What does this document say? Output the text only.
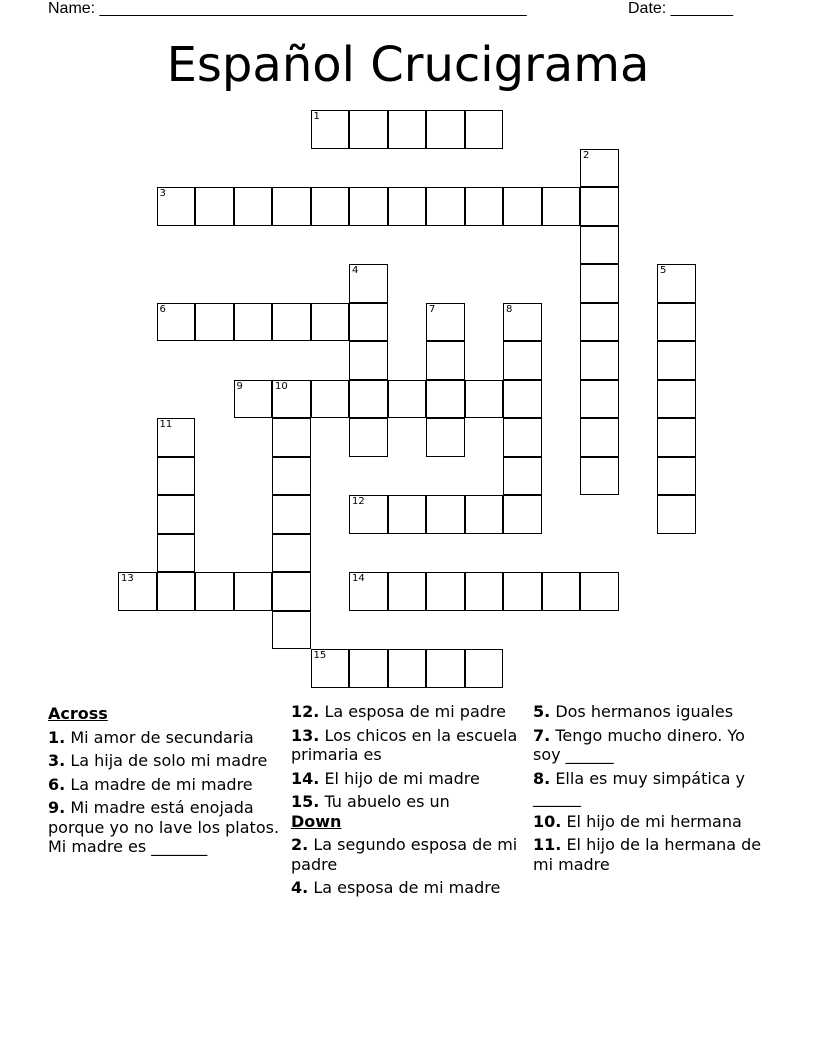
Name: ________________________________________________	Date: _______
Español Crucigrama
1
2
3
4	5
6	7	8
9	10
11
12
13	14
15
Across
1. Mi amor de secundaria
3. La hija de solo mi madre
6. La madre de mi madre
9. Mi madre está enojada porque yo no lave los platos. Mi madre es _______
12. La esposa de mi padre
13. Los chicos en la escuela primaria es
14. El hijo de mi madre
15. Tu abuelo es un
Down
2. La segundo esposa de mi padre
4. La esposa de mi madre
5. Dos hermanos iguales
7. Tengo mucho dinero. Yo soy ______
8. Ella es muy simpática y ______
10. El hijo de mi hermana
11. El hijo de la hermana de mi madre
